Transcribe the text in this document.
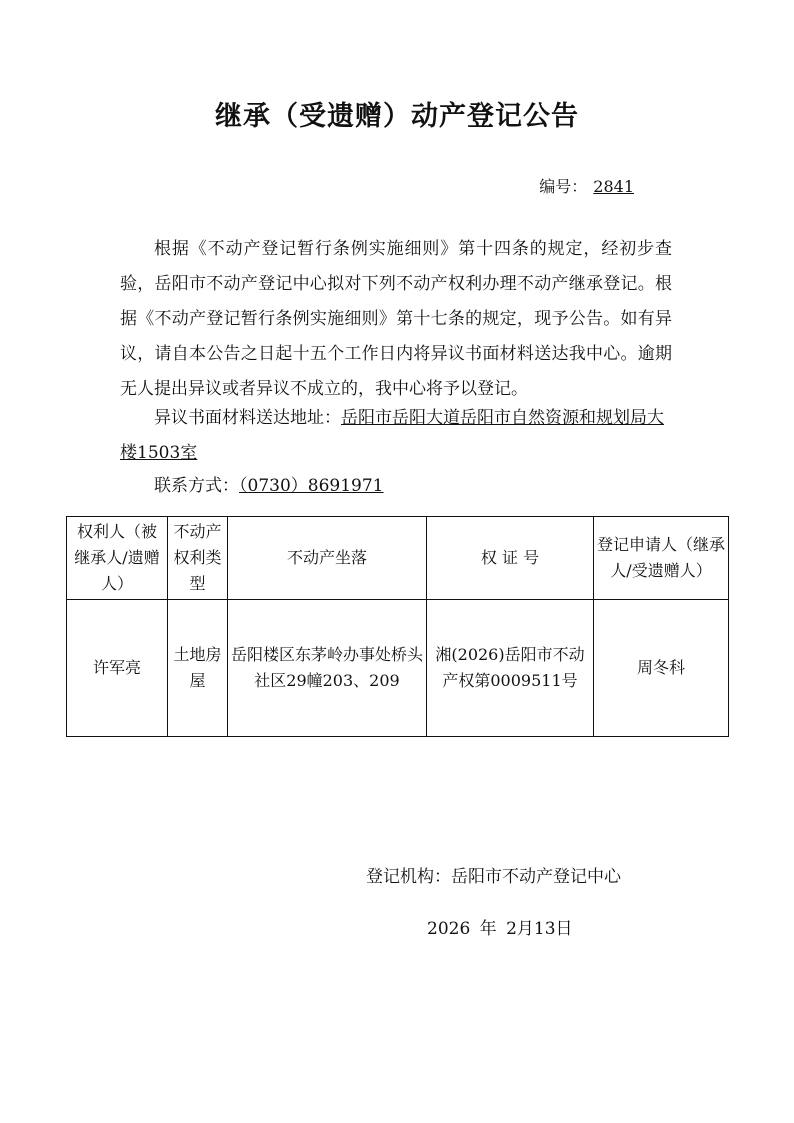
继承（受遗赠）动产登记公告
编号： 2841
根据《不动产登记暂行条例实施细则》第十四条的规定，经初步查验，岳阳市不动产登记中心拟对下列不动产权利办理不动产继承登记。根据《不动产登记暂行条例实施细则》第十七条的规定，现予公告。如有异议，请自本公告之日起十五个工作日内将异议书面材料送达我中心。逾期无人提出异议或者异议不成立的，我中心将予以登记。
异议书面材料送达地址：岳阳市岳阳大道岳阳市自然资源和规划局大楼1503室
联系方式：（0730）8691971
权利人（被继承人/遗赠人）	不动产权利类型	不动产坐落	权 证 号	登记申请人（继承人/受遗赠人）
许军亮	土地房屋	岳阳楼区东茅岭办事处桥头社区29幢203、209	湘(2026)岳阳市不动产权第0009511号	周冬科
登记机构：岳阳市不动产登记中心
2026 年 2月13日
